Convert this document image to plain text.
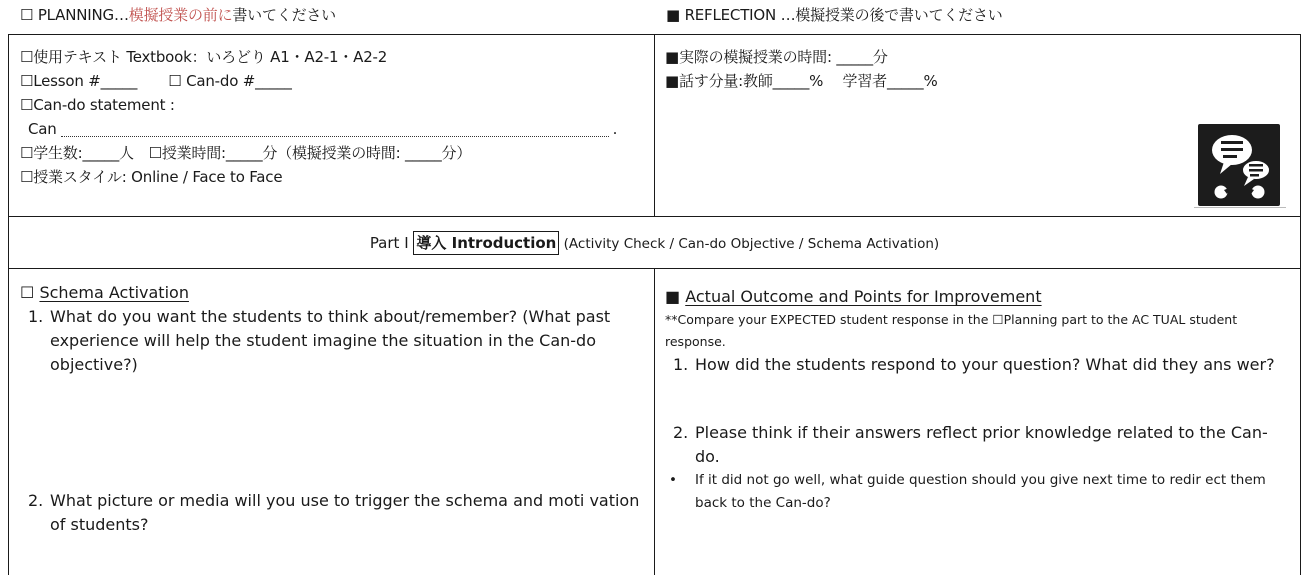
☐ PLANNING…模擬授業の前に書いてください	■ REFLECTION …模擬授業の後で書いてください
☐使用テキスト Textbook：いろどり A1・A2-1・A2-2
☐Lesson #_____ ☐ Can-do #_____
☐Can-do statement :
Can	.
☐学生数:_____人　☐授業時間:_____分（模擬授業の時間: _____分）
☐授業スタイル: Online / Face to Face
■実際の模擬授業の時間: _____分
■話す分量:教師_____%　 学習者_____%
Part Ⅰ 導入 Introduction (Activity Check / Can-do Objective / Schema Activation)
☐ Schema Activation
1. What do you want the students to think about/remember? (What past experience will help the student imagine the situation in the Can-do objective?)
2. What picture or media will you use to trigger the schema and moti vation of students?
■ Actual Outcome and Points for Improvement
**Compare your EXPECTED student response in the ☐Planning part to the AC TUAL student response.
1. How did the students respond to your question? What did they ans wer?
2. Please think if their answers reflect prior knowledge related to the Can-do.
•	If it did not go well, what guide question should you give next time to redir ect them back to the Can-do?
